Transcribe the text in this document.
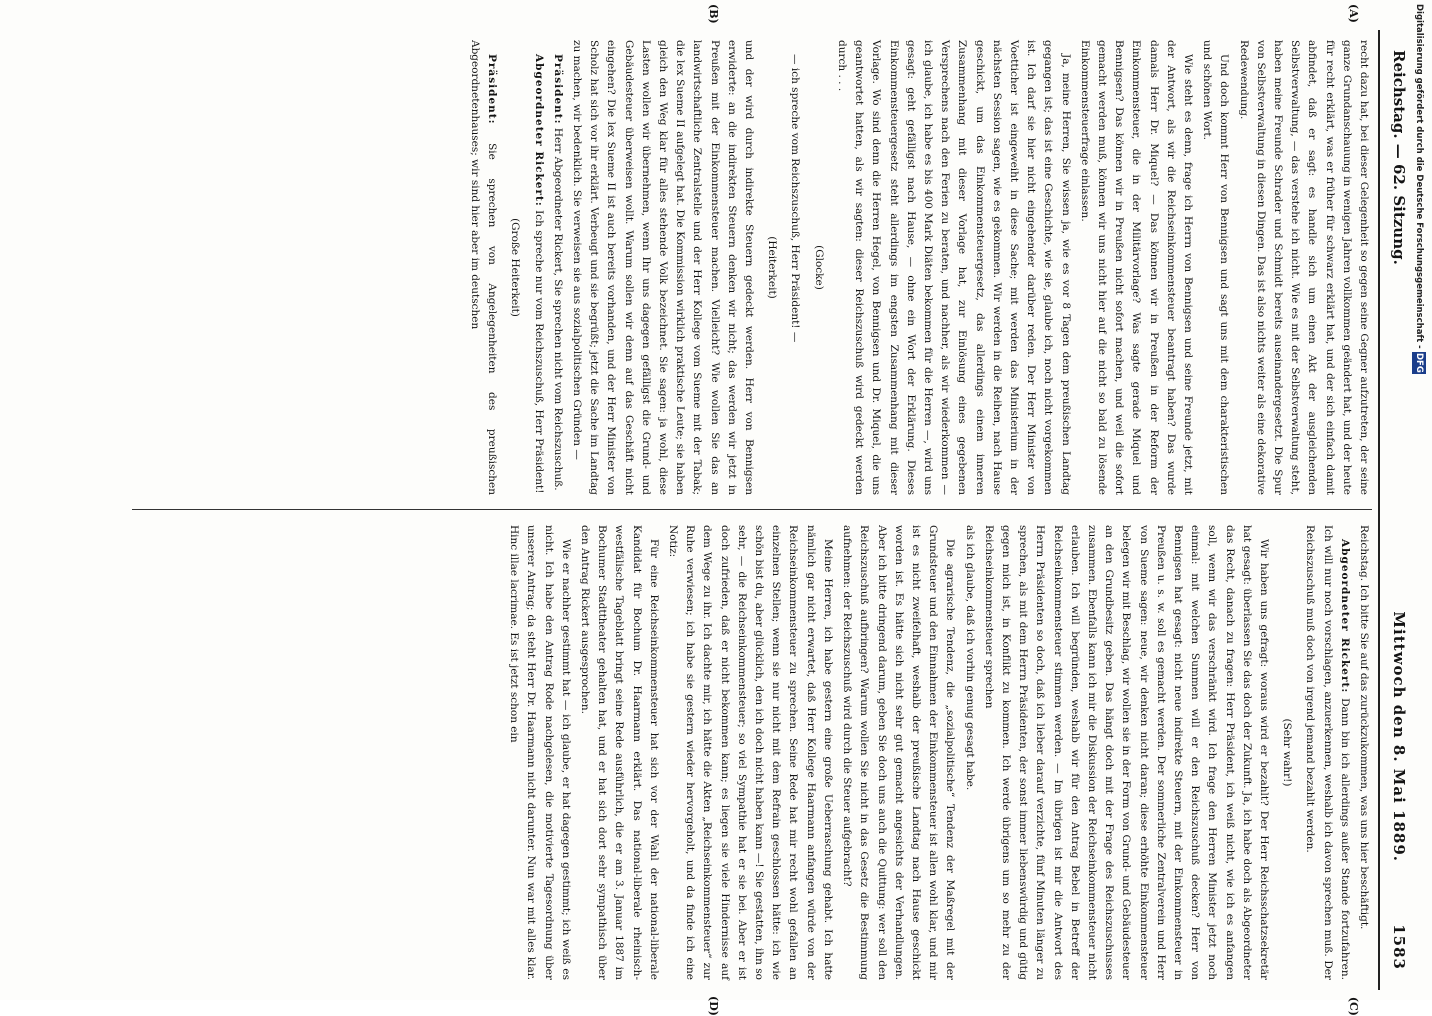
Reichstag. — 62. Sitzung.
Mittwoch den 8. Mai 1889.          1583
(A)
(B)
(C)
(D)

recht dazu hat, bei dieser Gelegenheit so gegen seine Gegner aufzutreten, der seine ganze Grundanschauung in wenigen Jahren vollkommen geändert hat, und der heute für recht erklärt, was er früher für schwarz erklärt hat, und der sich einfach damit abfindet, daß er sagt: es handle sich um einen Akt der ausgleichenden Selbstverwaltung, — das verstehe ich nicht. Wie es mit der Selbstverwaltung steht, haben meine Freunde Schrader und Schmidt bereits auseinandergesetzt. Die Spur von Selbstverwaltung in diesen Dingen. Das ist also nichts weiter als eine dekorative Redewendung.

Und doch kommt Herr von Bennigsen und sagt uns mit dem charakteristischen und schönen Wort.

Wie steht es denn, frage ich Herrn von Bennigsen und seine Freunde jetzt, mit der Antwort, als wir die Reichseinkommensteuer beantragt haben? Das wurde damals Herr Dr. Miquel? — Das können wir in Preußen in der Reform der Einkommensteuer, die in der Militärvorlage? Was sagte gerade Miquel und Bennigsen? Das können wir in Preußen nicht sofort machen, und weil die sofort gemacht werden muß, können wir uns nicht hier auf die nicht so bald zu lösende Einkommensteuerfrage einlassen.

Ja, meine Herren, Sie wissen ja, wie es vor 8 Tagen dem preußischen Landtag gegangen ist; das ist eine Geschichte, wie sie, glaube ich, noch nicht vorgekommen ist. Ich darf sie hier nicht eingehender darüber reden. Der Herr Minister von Voetticher ist eingeweiht in diese Sache; mit werden das Ministerium in der nächsten Session sagen, wie es gekommen. Wir werden in die Reihen, nach Hause geschickt, um das Einkommensteuergesetz, das allerdings einem inneren Zusammenhang mit dieser Vorlage hat, zur Einlösung eines gegebenen Versprechens nach den Ferien zu beraten, und nachher, als wir wiederkommen — ich glaube, ich habe es bis 400 Mark Diäten bekommen für die Herren —, wird uns gesagt: geht gefälligst nach Hause, — ohne ein Wort der Erklärung. Dieses Einkommensteuergesetz steht allerdings im engsten Zusammenhang mit dieser Vorlage. Wo sind denn die Herren Hegel, von Bennigsen und Dr. Miquel, die uns geantwortet hatten, als wir sagten: dieser Reichszuschuß wird gedeckt werden durch . . .

(Glocke)

— ich spreche vom Reichszuschuß, Herr Präsident! —

(Heiterkeit)

und der wird durch indirekte Steuern gedeckt werden. Herr von Bennigsen erwiderte: an die indirekten Steuern denken wir nicht; das werden wir jetzt in Preußen mit der Einkommensteuer machen. Vielleicht? Wie wollen Sie das an landwirtschaftliche Zentralstelle und der Herr Kollege vom Sueme mit der Tabak; die lex Sueme II aufgelegt hat. Die Kommission wirklich praktische Leute; sie haben gleich den Weg klar für alles stehende Volk bezeichnet. Sie sagen: ja wohl, diese Lasten wollen wir übernehmen, wenn Ihr uns dagegen gefälligst die Grund- und Gebäudesteuer überweisen wollt. Warum sollen wir denn auf das Geschäft nicht eingehen? Die lex Sueme II ist auch bereits vorhanden, und der Herr Minister von Scholz hat sich vor ihr erklärt. Verbeugt und sie begrüßt; jetzt die Sache im Landtag zu machen, wir bedenklich. Sie verweisen sie aus sozialpolitischen Gründen —

Präsident: Herr Abgeordneter Rickert, Sie sprechen nicht vom Reichszuschuß.

Abgeordneter Rickert: Ich spreche nur vom Reichszuschuß, Herr Präsident!

(Große Heiterkeit)

Präsident: Sie sprechen von Angelegenheiten des preußischen Abgeordnetenhauses; wir sind hier aber im deutschen

Reichstag. Ich bitte Sie auf das zurückzukommen, was uns hier beschäftigt.

Abgeordneter Rickert: Dann bin ich allerdings außer Stande fortzufahren. Ich will nur noch vorschlagen, anzuerkennen, weshalb ich davon sprechen muß. Der Reichszuschuß muß doch von irgend jemand bezahlt werden.

(Sehr wahr!)

Wir haben uns gefragt: woraus wird er bezahlt? Der Herr Reichsschatzsekretär hat gesagt: überlassen Sie das doch der Zukunft. Ja, ich habe doch als Abgeordneter das Recht, danach zu fragen: Herr Präsident, ich weiß nicht, wie ich es anfangen soll, wenn wir das verschränkt wird. Ich frage den Herren Minister jetzt noch einmal: mit welchen Summen will er den Reichszuschuß decken? Herr von Bennigsen hat gesagt: nicht neue indirekte Steuern, mit der Einkommensteuer in Preußen u. s. w. soll es gemacht werden. Der sommerliche Zentralverein und Herr von Sueme sagen: neue, wir denken nicht daran; diese erhöhte Einkommensteuer belegen wir mit Beschlag, wir wollen sie in der Form von Grund- und Gebäudesteuer an den Grundbesitz geben. Das hängt doch mit der Frage des Reichszuschusses zusammen. Ebenfalls kann ich mir die Diskussion der Reichseinkommensteuer nicht erlauben. Ich will begründen, weshalb wir für den Antrag Bebel in Betreff der Reichseinkommensteuer stimmen werden. — Im übrigen ist mir die Antwort des Herrn Präsidenten so doch, daß ich lieber darauf verzichte, fünf Minuten länger zu sprechen, als mit dem Herrn Präsidenten, der sonst immer liebenswürdig und gütig gegen mich ist, in Konflikt zu kommen. Ich werde übrigens um so mehr zu der Reichseinkommensteuer sprechen

als ich glaube, daß ich vorhin genug gesagt habe.

Die agrarische Tendenz, die „sozialpolitische“ Tendenz der Maßregel mit der Grundsteuer und den Einnahmen der Einkommensteuer ist allen wohl klar, und mir ist es nicht zweifelhaft, weshalb der preußische Landtag nach Hause geschickt worden ist. Es hätte sich nicht sehr gut gemacht angesichts der Verhandlungen. Aber ich bitte dringend darum, geben Sie doch uns auch die Quittung: wer soll den Reichszuschuß aufbringen? Warum wollen Sie nicht in das Gesetz die Bestimmung aufnehmen: der Reichszuschuß wird durch die Steuer aufgebracht?

Meine Herren, ich habe gestern eine große Ueberraschung gehabt. Ich hatte nämlich gar nicht erwartet, daß Herr Kollege Haarmann anfangen würde von der Reichseinkommensteuer zu sprechen. Seine Rede hat mir recht wohl gefallen an einzelnen Stellen; wenn sie nur nicht mit dem Refrain geschlossen hätte: ich wie schön bist du, aber glücklich, den ich doch nicht haben kann —! Sie gestatten, ihn so sehr, — die Reichseinkommensteuer; so viel Sympathie hat er sie bei. Aber er ist doch zufrieden, daß er nicht bekommen kann; es liegen sie viele Hindernisse auf dem Wege zu ihr. Ich dachte mir, ich hätte die Akten „Reichseinkommensteuer“ zur Ruhe verwiesen; ich habe sie gestern wieder hervorgeholt, und da finde ich eine Notiz:

Für eine Reichseinkommensteuer hat sich vor der Wahl der national-liberale Kandidat für Bochum Dr. Haarmann erklärt. Das national-liberale rheinisch-westfälische Tageblatt bringt seine Rede ausführlich, die er am 3. Januar 1887 im Bochumer Stadttheater gehalten hat, und er hat sich dort sehr sympathisch über den Antrag Rickert ausgesprochen.

Wie er nachher gestimmt hat — ich glaube, er hat dagegen gestimmt; ich weiß es nicht. Ich habe den Antrag Rode nachgelesen, die motivierte Tagesordnung über unserer Antrag; da steht Herr Dr. Haarmann nicht darunter. Nun war mit alles klar. Hinc illae lacrimae. Es ist jetzt schon ein

Digitalisierung gefördert durch die Deutsche Forschungsgemeinschaft - DFG
